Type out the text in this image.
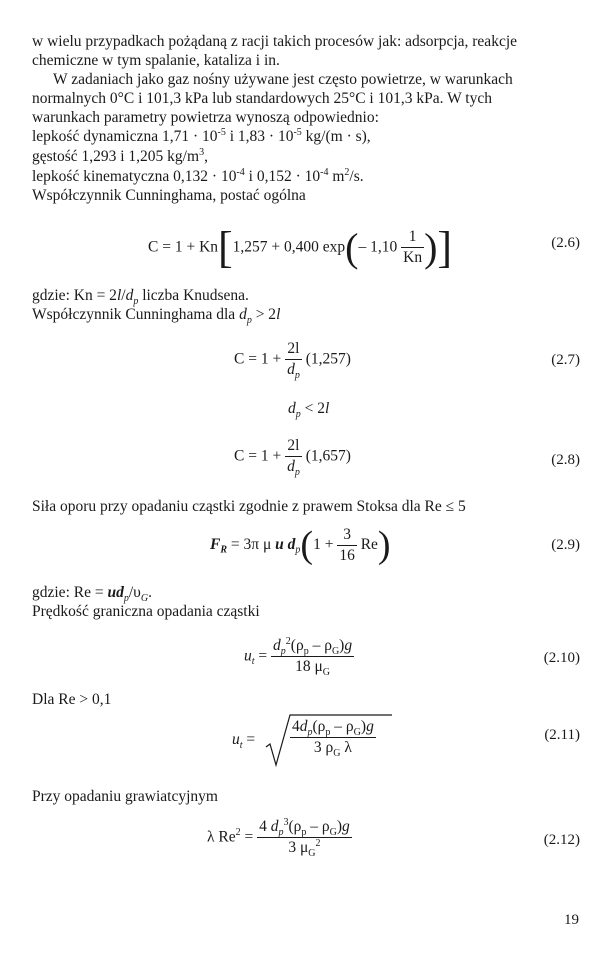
w wielu przypadkach pożądaną z racji takich procesów jak: adsorpcja, reakcje
chemiczne w tym spalanie, kataliza i in.
W zadaniach jako gaz nośny używane jest często powietrze, w warunkach
normalnych 0°C i 101,3 kPa lub standardowych 25°C i 101,3 kPa. W tych
warunkach parametry powietrza wynoszą odpowiednio:
lepkość dynamiczna $1,71 \cdot 10^{-5}$ i $1,83 \cdot 10^{-5}$ kg/(m · s),
gęstość 1,293 i 1,205 $kg/m^3$,
lepkość kinematyczna $0,132 \cdot 10^{-4}$ i $0,152 \cdot 10^{-4}$ $m^2/s$.
Współczynnik Cunninghama, postać ogólna
C = 1 + Kn[1,257 + 0,400 exp(– $1,10 \frac{1}{Kn}$ )]	(2.6)
gdzie: $Kn = 2l/d_p$ liczba Knudsena.
Współczynnik Cunninghama dla $d_p > 2l$
$C = 1 + \frac{2l}{d_p} (1,257)$	(2.7)
$d_p < 2l$
$C = 1 + \frac{2l}{d_p} (1,657)$	(2.8)
Siła oporu przy opadaniu cząstki zgodnie z prawem Stoksa dla Re ≤ 5
$F_R = 3\pi$ μ u $d_p(1 + \frac{3}{16} Re)$	(2.9)
gdzie: $Re = ud_p/\upsilon_G$.
Prędkość graniczna opadania cząstki
$u_t = \frac{d_p^2(\rho_p - \rho_G)g}{18 \mu_G}$	(2.10)
Dla Re > 0,1
$u_t = \frac{4d_p(\rho_p - \rho_G)g}{3 \rho_G \lambda}$	(2.11)
Przy opadaniu grawiatcyjnym
λ $Re^2 = \frac{4 d_p^3(\rho_p - \rho_G)g}{3 \mu_G^2}$	(2.12)
19
